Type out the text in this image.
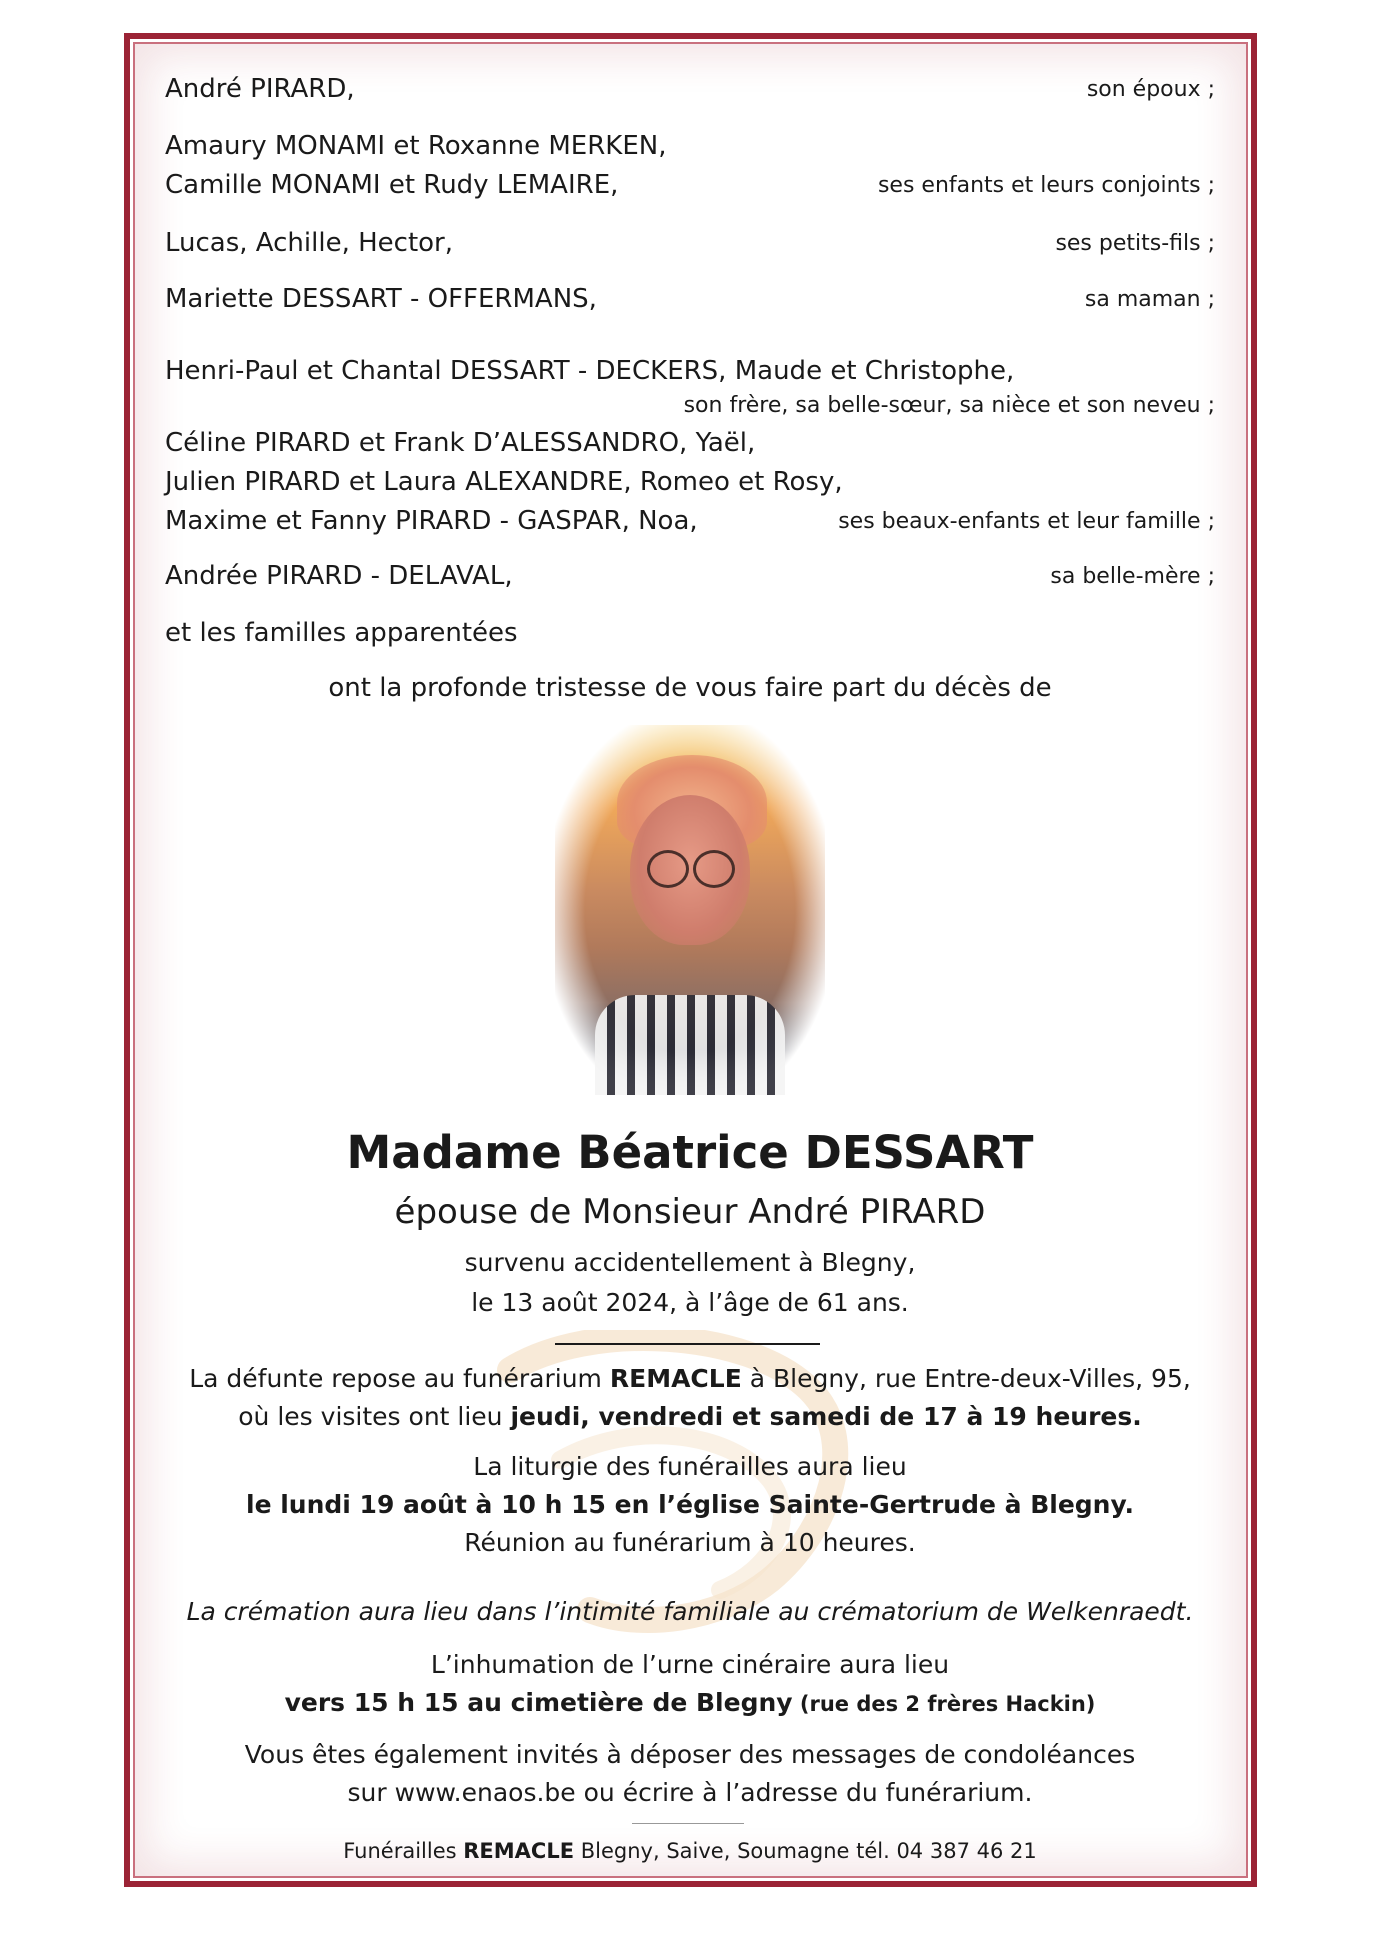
André PIRARD,	son époux ;
Amaury MONAMI et Roxanne MERKEN,
Camille MONAMI et Rudy LEMAIRE,	ses enfants et leurs conjoints ;
Lucas, Achille, Hector,	ses petits-fils ;
Mariette DESSART - OFFERMANS,	sa maman ;
Henri-Paul et Chantal DESSART - DECKERS, Maude et Christophe,
son frère, sa belle-sœur, sa nièce et son neveu ;
Céline PIRARD et Frank D’ALESSANDRO, Yaël,
Julien PIRARD et Laura ALEXANDRE, Romeo et Rosy,
Maxime et Fanny PIRARD - GASPAR, Noa,	ses beaux-enfants et leur famille ;
Andrée PIRARD - DELAVAL,	sa belle-mère ;
et les familles apparentées
ont la profonde tristesse de vous faire part du décès de
Madame Béatrice DESSART
épouse de Monsieur André PIRARD
survenu accidentellement à Blegny,
le 13 août 2024, à l’âge de 61 ans.
La défunte repose au funérarium REMACLE à Blegny, rue Entre-deux-Villes, 95,
où les visites ont lieu jeudi, vendredi et samedi de 17 à 19 heures.
La liturgie des funérailles aura lieu
le lundi 19 août à 10 h 15 en l’église Sainte-Gertrude à Blegny.
Réunion au funérarium à 10 heures.
La crémation aura lieu dans l’intimité familiale au crématorium de Welkenraedt.
L’inhumation de l’urne cinéraire aura lieu
vers 15 h 15 au cimetière de Blegny (rue des 2 frères Hackin)
Vous êtes également invités à déposer des messages de condoléances
sur www.enaos.be ou écrire à l’adresse du funérarium.
Funérailles REMACLE Blegny, Saive, Soumagne tél. 04 387 46 21
